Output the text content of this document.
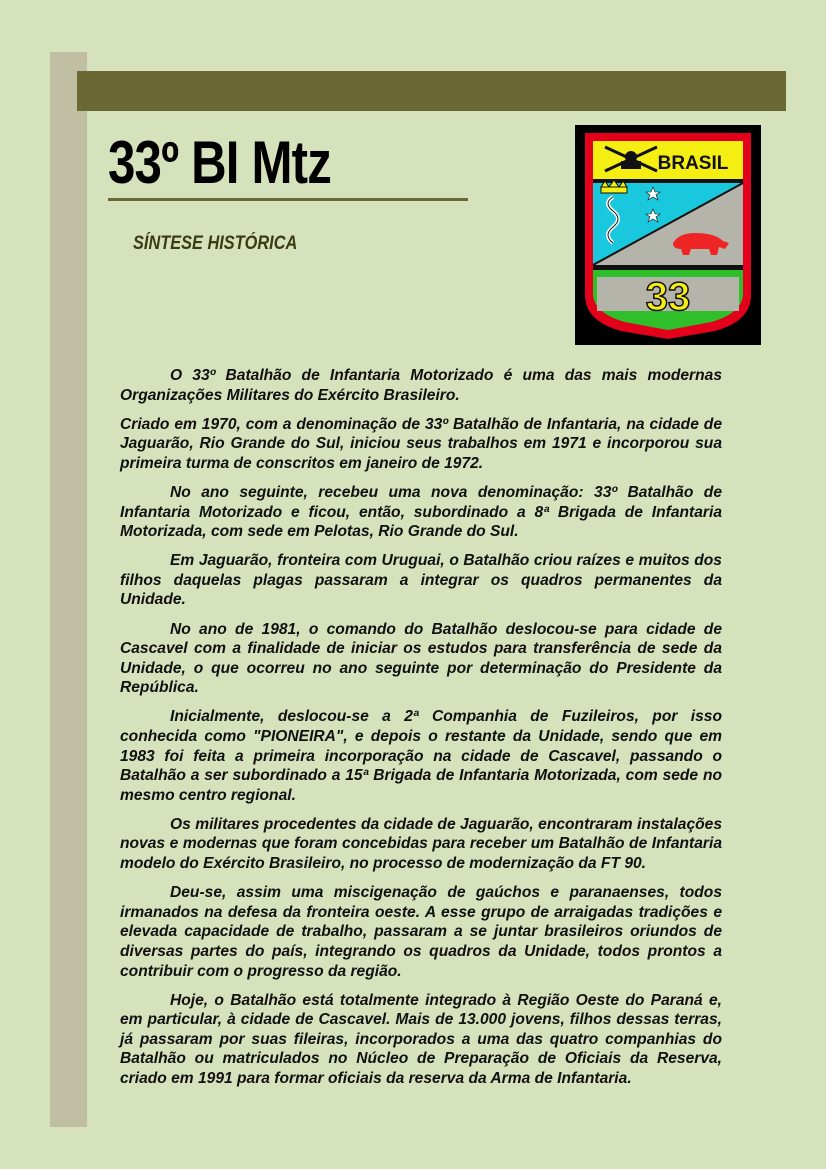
33º BI Mtz
SÍNTESE HISTÓRICA
BRASIL
33

O 33º Batalhão de Infantaria Motorizado é uma das mais modernas Organizações Militares do Exército Brasileiro.

Criado em 1970, com a denominação de 33º Batalhão de Infantaria, na cidade de Jaguarão, Rio Grande do Sul, iniciou seus trabalhos em 1971 e incorporou sua primeira turma de conscritos em janeiro de 1972.

No ano seguinte, recebeu uma nova denominação: 33º Batalhão de Infantaria Motorizado e ficou, então, subordinado a 8ª Brigada de Infantaria Motorizada, com sede em Pelotas, Rio Grande do Sul.

Em Jaguarão, fronteira com Uruguai, o Batalhão criou raízes e muitos dos filhos daquelas plagas passaram a integrar os quadros permanentes da Unidade.

No ano de 1981, o comando do Batalhão deslocou-se para cidade de Cascavel com a finalidade de iniciar os estudos para transferência de sede da Unidade, o que ocorreu no ano seguinte por determinação do Presidente da República.

Inicialmente, deslocou-se a 2ª Companhia de Fuzileiros, por isso conhecida como "PIONEIRA", e depois o restante da Unidade, sendo que em 1983 foi feita a primeira incorporação na cidade de Cascavel, passando o Batalhão a ser subordinado a 15ª Brigada de Infantaria Motorizada, com sede no mesmo centro regional.

Os militares procedentes da cidade de Jaguarão, encontraram instalações novas e modernas que foram concebidas para receber um Batalhão de Infantaria modelo do Exército Brasileiro, no processo de modernização da FT 90.

Deu-se, assim uma miscigenação de gaúchos e paranaenses, todos irmanados na defesa da fronteira oeste. A esse grupo de arraigadas tradições e elevada capacidade de trabalho, passaram a se juntar brasileiros oriundos de diversas partes do país, integrando os quadros da Unidade, todos prontos a contribuir com o progresso da região.

Hoje, o Batalhão está totalmente integrado à Região Oeste do Paraná e, em particular, à cidade de Cascavel. Mais de 13.000 jovens, filhos dessas terras, já passaram por suas fileiras, incorporados a uma das quatro companhias do Batalhão ou matriculados no Núcleo de Preparação de Oficiais da Reserva, criado em 1991 para formar oficiais da reserva da Arma de Infantaria.
